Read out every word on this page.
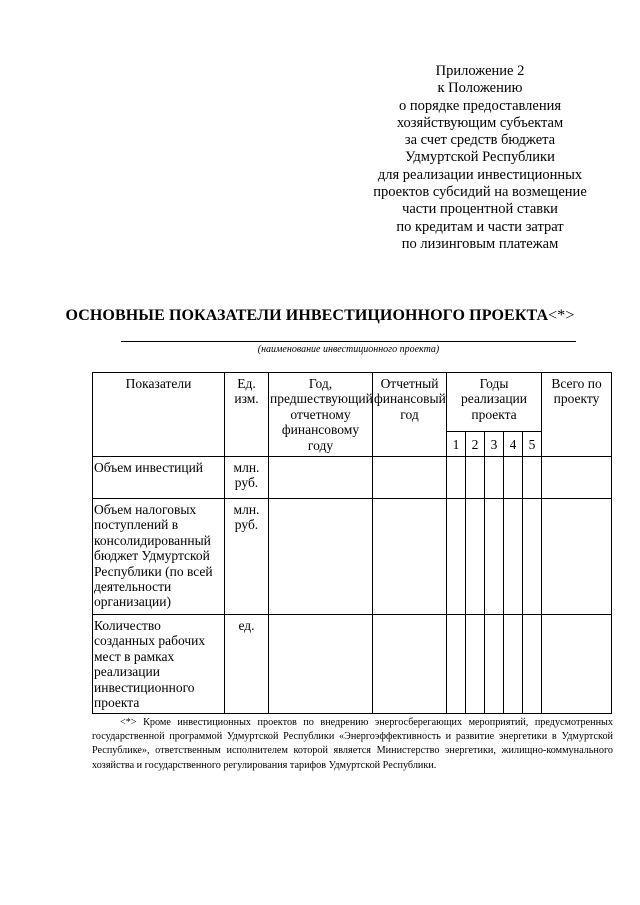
Приложение 2
к Положению
о порядке предоставления
хозяйствующим субъектам
за счет средств бюджета
Удмуртской Республики
для реализации инвестиционных
проектов субсидий на возмещение
части процентной ставки
по кредитам и части затрат
по лизинговым платежам
ОСНОВНЫЕ ПОКАЗАТЕЛИ ИНВЕСТИЦИОННОГО ПРОЕКТА<*>
(наименование инвестиционного проекта)
Показатели	Ед. изм.	Год, предшествующий отчетному финансовому году	Отчетный финансовый год	Годы реализации проекта					Всего по проекту
				1	2	3	4	5	
Объем инвестиций	млн. руб.								
Объем налоговых поступлений в консолидированный бюджет Удмуртской Республики (по всей деятельности организации)	млн. руб.								
Количество созданных рабочих мест в рамках реализации инвестиционного проекта	ед.								
<*> Кроме инвестиционных проектов по внедрению энергосберегающих мероприятий, предусмотренных государственной программой Удмуртской Республики «Энергоэффективность и развитие энергетики в Удмуртской Республике», ответственным исполнителем которой является Министерство энергетики, жилищно-коммунального хозяйства и государственного регулирования тарифов Удмуртской Республики.
